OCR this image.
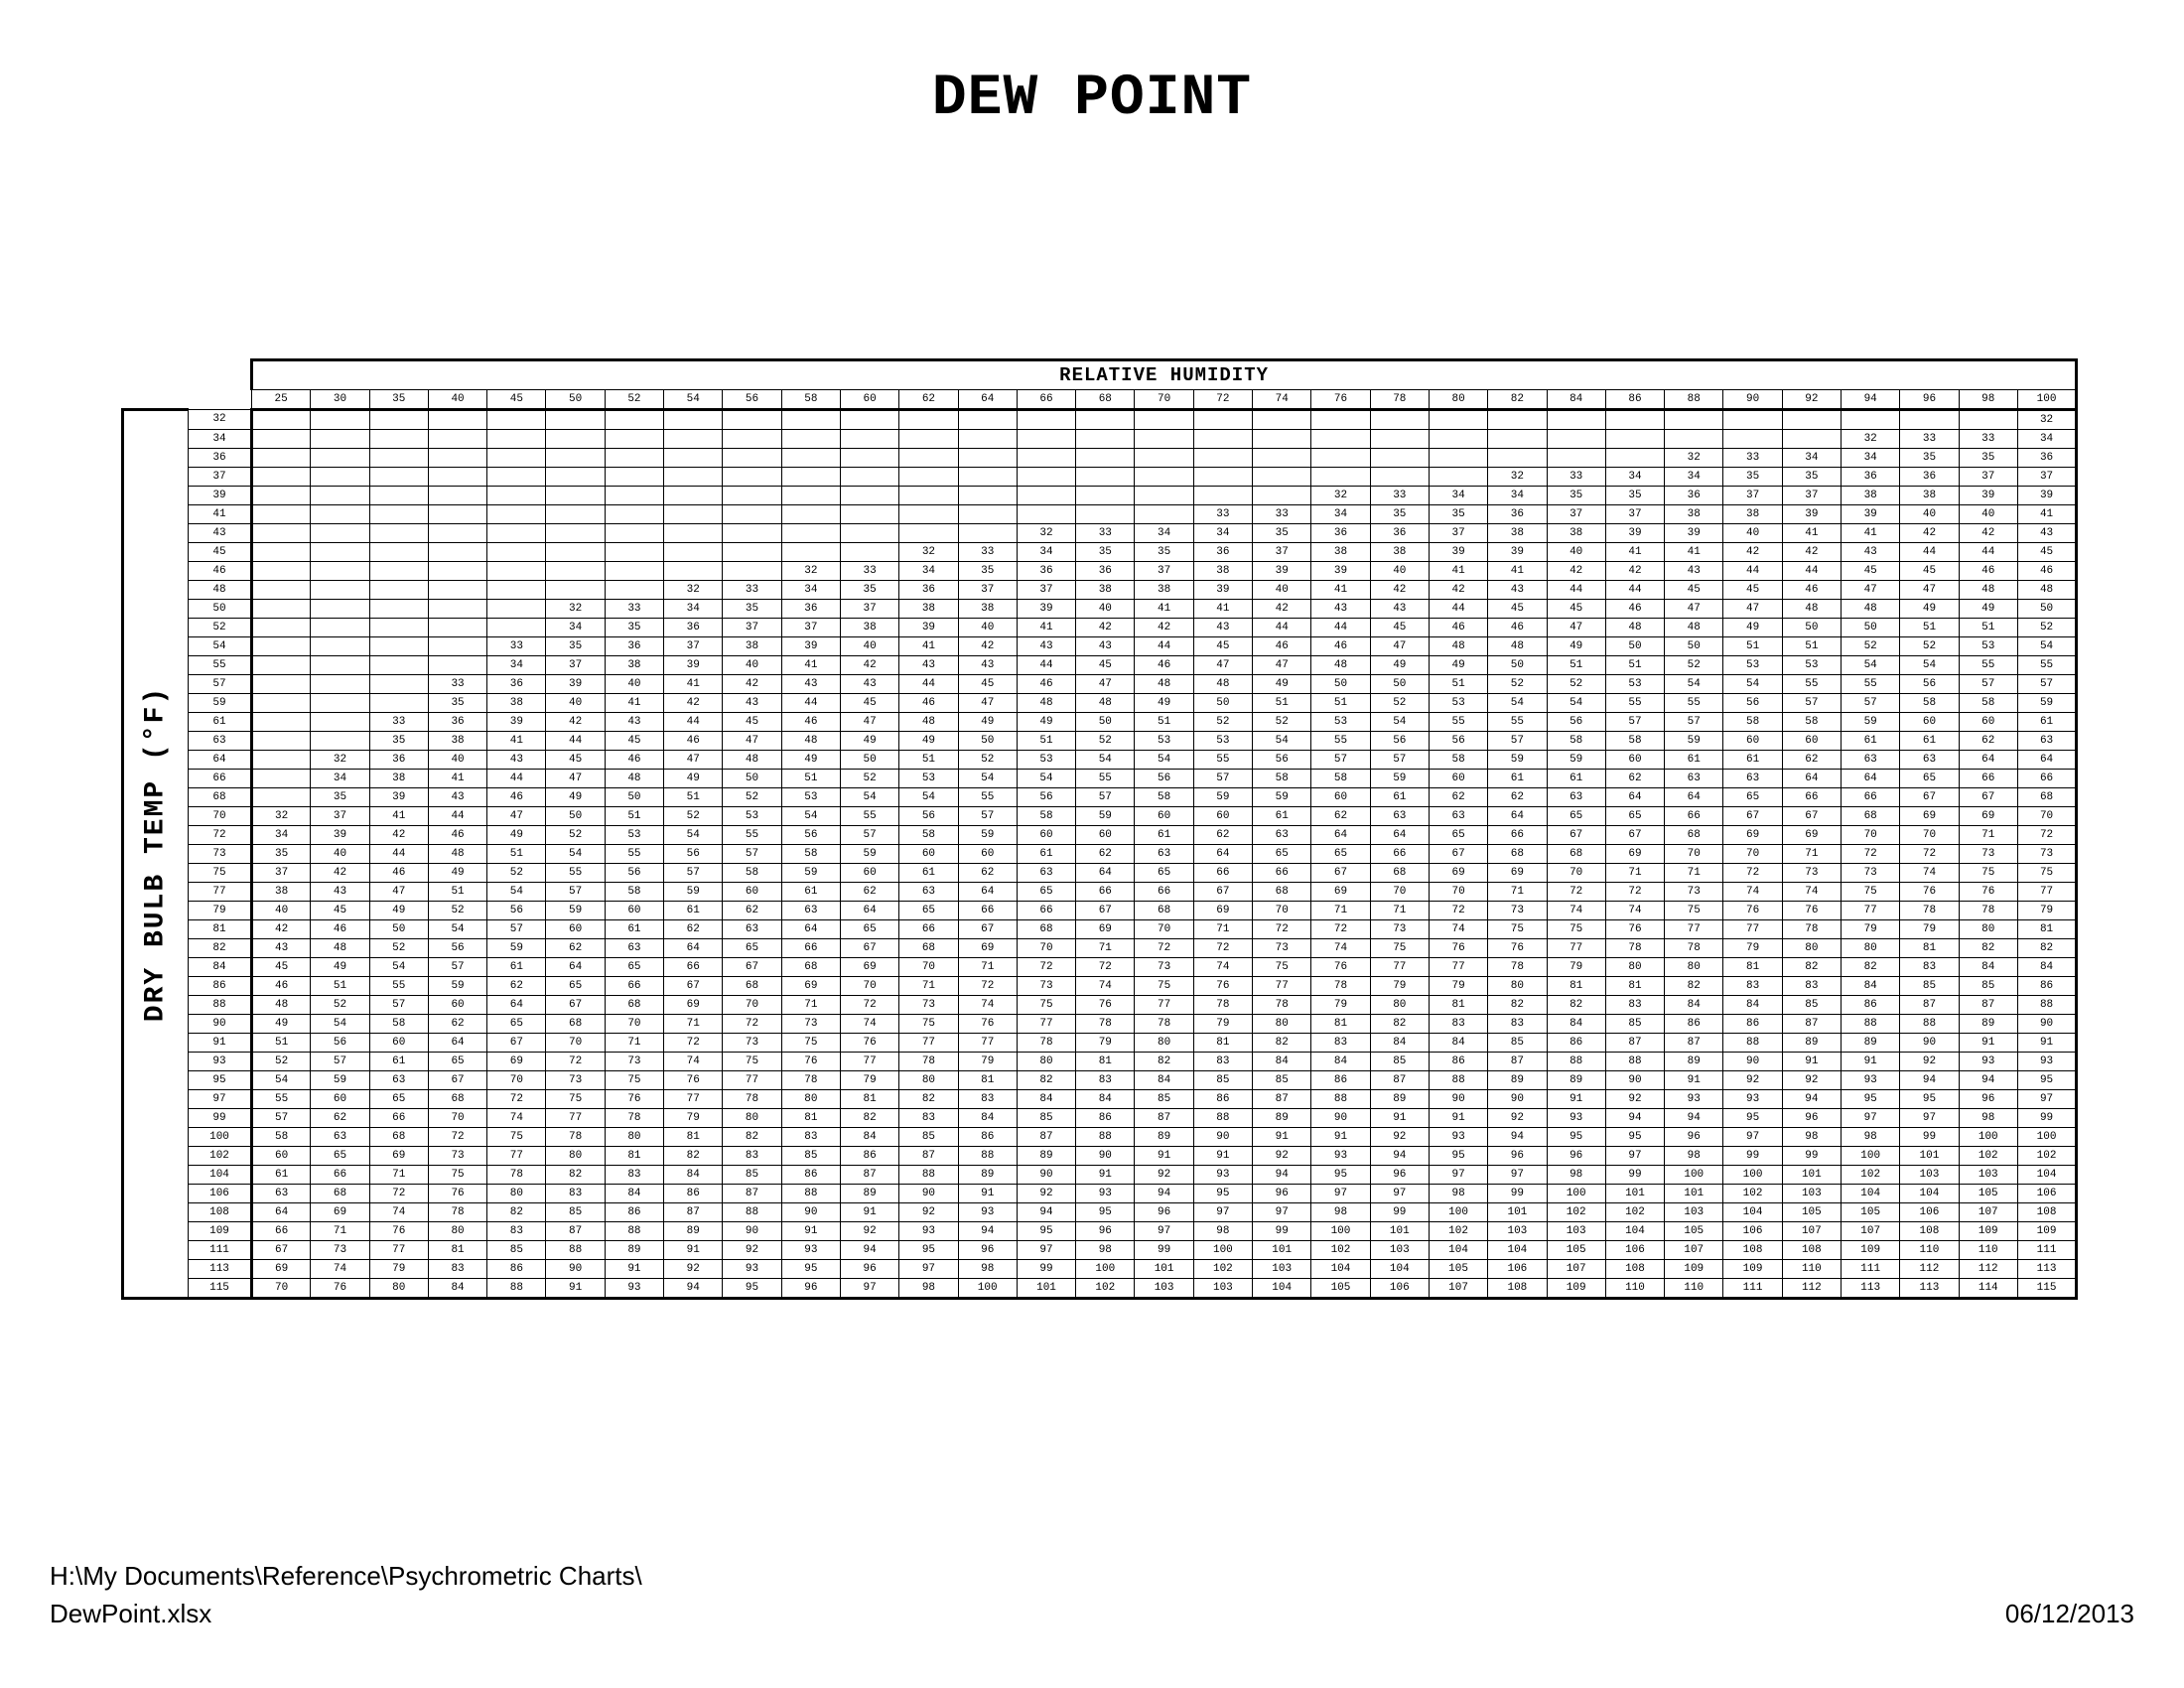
DEW POINT
		RELATIVE HUMIDITY																														
		25	30	35	40	45	50	52	54	56	58	60	62	64	66	68	70	72	74	76	78	80	82	84	86	88	90	92	94	96	98	100

DRY BULB TEMP (°F)	32																															32
	34																												32	33	33	34
	36																									32	33	34	34	35	35	36
	37																						32	33	34	34	35	35	36	36	37	37
	39																			32	33	34	34	35	35	36	37	37	38	38	39	39
	41																	33	33	34	35	35	36	37	37	38	38	39	39	40	40	41
	43														32	33	34	34	35	36	36	37	38	38	39	39	40	41	41	42	42	43
	45												32	33	34	35	35	36	37	38	38	39	39	40	41	41	42	42	43	44	44	45
	46										32	33	34	35	36	36	37	38	39	39	40	41	41	42	42	43	44	44	45	45	46	46
	48								32	33	34	35	36	37	37	38	38	39	40	41	42	42	43	44	44	45	45	46	47	47	48	48
	50						32	33	34	35	36	37	38	38	39	40	41	41	42	43	43	44	45	45	46	47	47	48	48	49	49	50
	52						34	35	36	37	37	38	39	40	41	42	42	43	44	44	45	46	46	47	48	48	49	50	50	51	51	52
	54					33	35	36	37	38	39	40	41	42	43	43	44	45	46	46	47	48	48	49	50	50	51	51	52	52	53	54
	55					34	37	38	39	40	41	42	43	43	44	45	46	47	47	48	49	49	50	51	51	52	53	53	54	54	55	55
	57				33	36	39	40	41	42	43	43	44	45	46	47	48	48	49	50	50	51	52	52	53	54	54	55	55	56	57	57
	59				35	38	40	41	42	43	44	45	46	47	48	48	49	50	51	51	52	53	54	54	55	55	56	57	57	58	58	59
	61			33	36	39	42	43	44	45	46	47	48	49	49	50	51	52	52	53	54	55	55	56	57	57	58	58	59	60	60	61
	63			35	38	41	44	45	46	47	48	49	49	50	51	52	53	53	54	55	56	56	57	58	58	59	60	60	61	61	62	63
	64		32	36	40	43	45	46	47	48	49	50	51	52	53	54	54	55	56	57	57	58	59	59	60	61	61	62	63	63	64	64
	66		34	38	41	44	47	48	49	50	51	52	53	54	54	55	56	57	58	58	59	60	61	61	62	63	63	64	64	65	66	66
	68		35	39	43	46	49	50	51	52	53	54	54	55	56	57	58	59	59	60	61	62	62	63	64	64	65	66	66	67	67	68
	70	32	37	41	44	47	50	51	52	53	54	55	56	57	58	59	60	60	61	62	63	63	64	65	65	66	67	67	68	69	69	70
	72	34	39	42	46	49	52	53	54	55	56	57	58	59	60	60	61	62	63	64	64	65	66	67	67	68	69	69	70	70	71	72
	73	35	40	44	48	51	54	55	56	57	58	59	60	60	61	62	63	64	65	65	66	67	68	68	69	70	70	71	72	72	73	73
	75	37	42	46	49	52	55	56	57	58	59	60	61	62	63	64	65	66	66	67	68	69	69	70	71	71	72	73	73	74	75	75
	77	38	43	47	51	54	57	58	59	60	61	62	63	64	65	66	66	67	68	69	70	70	71	72	72	73	74	74	75	76	76	77
	79	40	45	49	52	56	59	60	61	62	63	64	65	66	66	67	68	69	70	71	71	72	73	74	74	75	76	76	77	78	78	79
	81	42	46	50	54	57	60	61	62	63	64	65	66	67	68	69	70	71	72	72	73	74	75	75	76	77	77	78	79	79	80	81
	82	43	48	52	56	59	62	63	64	65	66	67	68	69	70	71	72	72	73	74	75	76	76	77	78	78	79	80	80	81	82	82
	84	45	49	54	57	61	64	65	66	67	68	69	70	71	72	72	73	74	75	76	77	77	78	79	80	80	81	82	82	83	84	84
	86	46	51	55	59	62	65	66	67	68	69	70	71	72	73	74	75	76	77	78	79	79	80	81	81	82	83	83	84	85	85	86
	88	48	52	57	60	64	67	68	69	70	71	72	73	74	75	76	77	78	78	79	80	81	82	82	83	84	84	85	86	87	87	88
	90	49	54	58	62	65	68	70	71	72	73	74	75	76	77	78	78	79	80	81	82	83	83	84	85	86	86	87	88	88	89	90
	91	51	56	60	64	67	70	71	72	73	75	76	77	77	78	79	80	81	82	83	84	84	85	86	87	87	88	89	89	90	91	91
	93	52	57	61	65	69	72	73	74	75	76	77	78	79	80	81	82	83	84	84	85	86	87	88	88	89	90	91	91	92	93	93
	95	54	59	63	67	70	73	75	76	77	78	79	80	81	82	83	84	85	85	86	87	88	89	89	90	91	92	92	93	94	94	95
	97	55	60	65	68	72	75	76	77	78	80	81	82	83	84	84	85	86	87	88	89	90	90	91	92	93	93	94	95	95	96	97
	99	57	62	66	70	74	77	78	79	80	81	82	83	84	85	86	87	88	89	90	91	91	92	93	94	94	95	96	97	97	98	99
	100	58	63	68	72	75	78	80	81	82	83	84	85	86	87	88	89	90	91	91	92	93	94	95	95	96	97	98	98	99	100	100
	102	60	65	69	73	77	80	81	82	83	85	86	87	88	89	90	91	91	92	93	94	95	96	96	97	98	99	99	100	101	102	102
	104	61	66	71	75	78	82	83	84	85	86	87	88	89	90	91	92	93	94	95	96	97	97	98	99	100	100	101	102	103	103	104
	106	63	68	72	76	80	83	84	86	87	88	89	90	91	92	93	94	95	96	97	97	98	99	100	101	101	102	103	104	104	105	106
	108	64	69	74	78	82	85	86	87	88	90	91	92	93	94	95	96	97	97	98	99	100	101	102	102	103	104	105	105	106	107	108
	109	66	71	76	80	83	87	88	89	90	91	92	93	94	95	96	97	98	99	100	101	102	103	103	104	105	106	107	107	108	109	109
	111	67	73	77	81	85	88	89	91	92	93	94	95	96	97	98	99	100	101	102	103	104	104	105	106	107	108	108	109	110	110	111
	113	69	74	79	83	86	90	91	92	93	95	96	97	98	99	100	101	102	103	104	104	105	106	107	108	109	109	110	111	112	112	113
	115	70	76	80	84	88	91	93	94	95	96	97	98	100	101	102	103	103	104	105	106	107	108	109	110	110	111	112	113	113	114	115
H:\My Documents\Reference\Psychrometric Charts\
DewPoint.xlsx	06/12/2013
